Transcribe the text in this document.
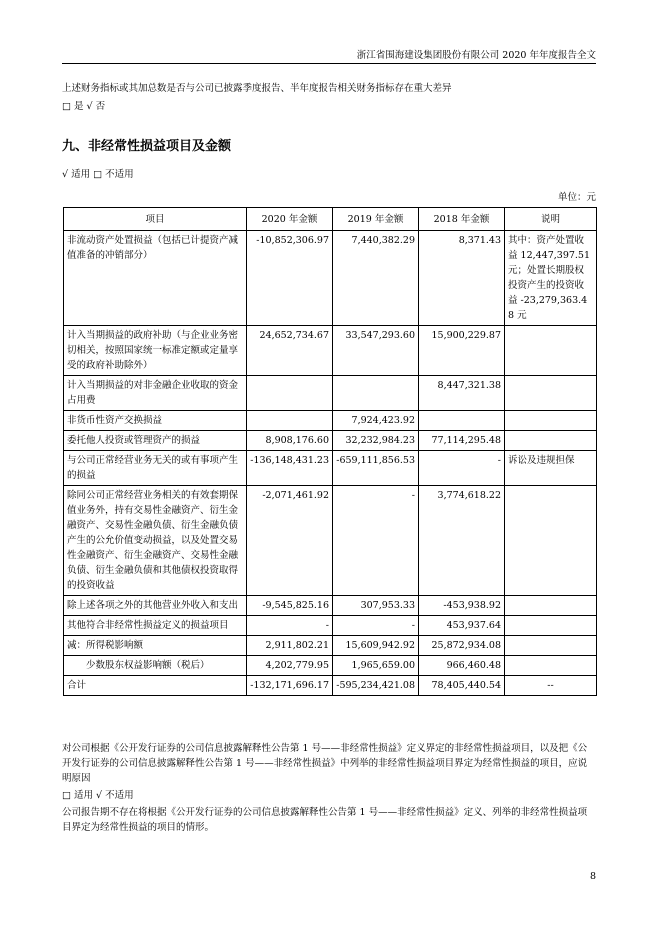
浙江省围海建设集团股份有限公司 2020 年年度报告全文
上述财务指标或其加总数是否与公司已披露季度报告、半年度报告相关财务指标存在重大差异
□ 是 √ 否
九、非经常性损益项目及金额
√ 适用 □ 不适用
单位：元
项目	2020 年金额	2019 年金额	2018 年金额	说明
非流动资产处置损益（包括已计提资产减值准备的冲销部分）	-10,852,306.97	7,440,382.29	8,371.43	其中：资产处置收益 12,447,397.51 元；处置长期股权投资产生的投资收益 -23,279,363.48 元
计入当期损益的政府补助（与企业业务密切相关，按照国家统一标准定额或定量享受的政府补助除外）	24,652,734.67	33,547,293.60	15,900,229.87	
计入当期损益的对非金融企业收取的资金占用费			8,447,321.38	
非货币性资产交换损益		7,924,423.92		
委托他人投资或管理资产的损益	8,908,176.60	32,232,984.23	77,114,295.48	
与公司正常经营业务无关的或有事项产生的损益	-136,148,431.23	-659,111,856.53	-	诉讼及违规担保
除同公司正常经营业务相关的有效套期保值业务外，持有交易性金融资产、衍生金融资产、交易性金融负债、衍生金融负债产生的公允价值变动损益，以及处置交易性金融资产、衍生金融资产、交易性金融负债、衍生金融负债和其他债权投资取得的投资收益	-2,071,461.92	-	3,774,618.22	
除上述各项之外的其他营业外收入和支出	-9,545,825.16	307,953.33	-453,938.92	
其他符合非经常性损益定义的损益项目	-	-	453,937.64	
减：所得税影响额	2,911,802.21	15,609,942.92	25,872,934.08	
少数股东权益影响额（税后）	4,202,779.95	1,965,659.00	966,460.48	
合计	-132,171,696.17	-595,234,421.08	78,405,440.54	--
对公司根据《公开发行证券的公司信息披露解释性公告第 1 号——非经常性损益》定义界定的非经常性损益项目，以及把《公开发行证券的公司信息披露解释性公告第 1 号——非经常性损益》中列举的非经常性损益项目界定为经常性损益的项目，应说明原因
□ 适用 √ 不适用
公司报告期不存在将根据《公开发行证券的公司信息披露解释性公告第 1 号——非经常性损益》定义、列举的非经常性损益项目界定为经常性损益的项目的情形。
8
